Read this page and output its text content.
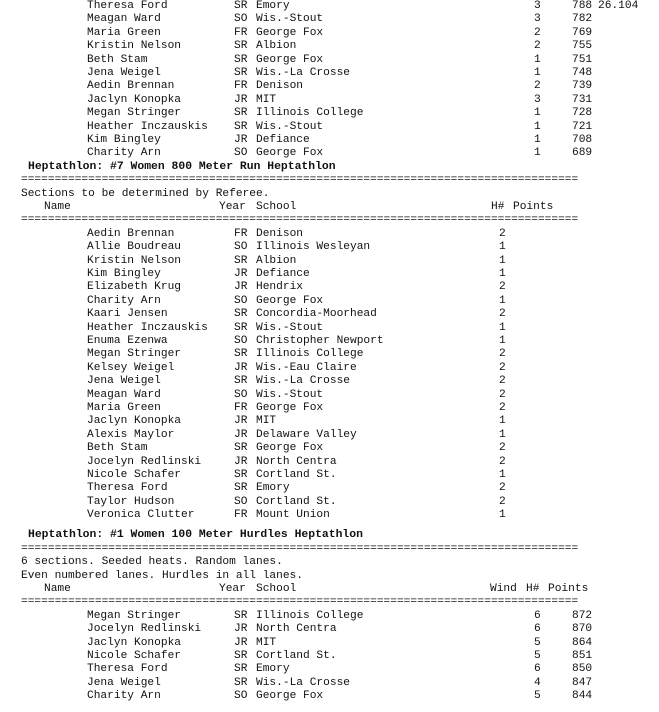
Theresa Ford	SR Emory	3	788 26.104
Meagan Ward	SO Wis.-Stout	3	782
Maria Green	FR George Fox	2	769
Kristin Nelson	SR Albion	2	755
Beth Stam	SR George Fox	1	751
Jena Weigel	SR Wis.-La Crosse	1	748
Aedin Brennan	FR Denison	2	739
Jaclyn Konopka	JR MIT	3	731
Megan Stringer	SR Illinois College	1	728
Heather Inczauskis SR Wis.-Stout	1	721
Kim Bingley	JR Defiance	1	708
Charity Arn	SO George Fox	1	689
Heptathlon: #7 Women 800 Meter Run Heptathlon
===================================================================================
Sections to be determined by Referee.
Name	Year School	H# Points
===================================================================================
Aedin Brennan	FR Denison	2
Allie Boudreau	SO Illinois Wesleyan	1
Kristin Nelson	SR Albion	1
Kim Bingley	JR Defiance	1
Elizabeth Krug	JR Hendrix	2
Charity Arn	SO George Fox	1
Kaari Jensen	SR Concordia-Moorhead	2
Heather Inczauskis SR Wis.-Stout	1
Enuma Ezenwa	SO Christopher Newport	1
Megan Stringer	SR Illinois College	2
Kelsey Weigel	JR Wis.-Eau Claire	2
Jena Weigel	SR Wis.-La Crosse	2
Meagan Ward	SO Wis.-Stout	2
Maria Green	FR George Fox	2
Jaclyn Konopka	JR MIT	1
Alexis Maylor	JR Delaware Valley	1
Beth Stam	SR George Fox	2
Jocelyn Redlinski	JR North Centra	2
Nicole Schafer	SR Cortland St.	1
Theresa Ford	SR Emory	2
Taylor Hudson	SO Cortland St.	2
Veronica Clutter	FR Mount Union	1
Heptathlon: #1 Women 100 Meter Hurdles Heptathlon
===================================================================================
6 sections. Seeded heats. Random lanes.
Even numbered lanes. Hurdles in all lanes.
Name	Year School	Wind H# Points
===================================================================================
Megan Stringer	SR Illinois College	6	872
Jocelyn Redlinski	JR North Centra	6	870
Jaclyn Konopka	JR MIT	5	864
Nicole Schafer	SR Cortland St.	5	851
Theresa Ford	SR Emory	6	850
Jena Weigel	SR Wis.-La Crosse	4	847
Charity Arn	SO George Fox	5	844
